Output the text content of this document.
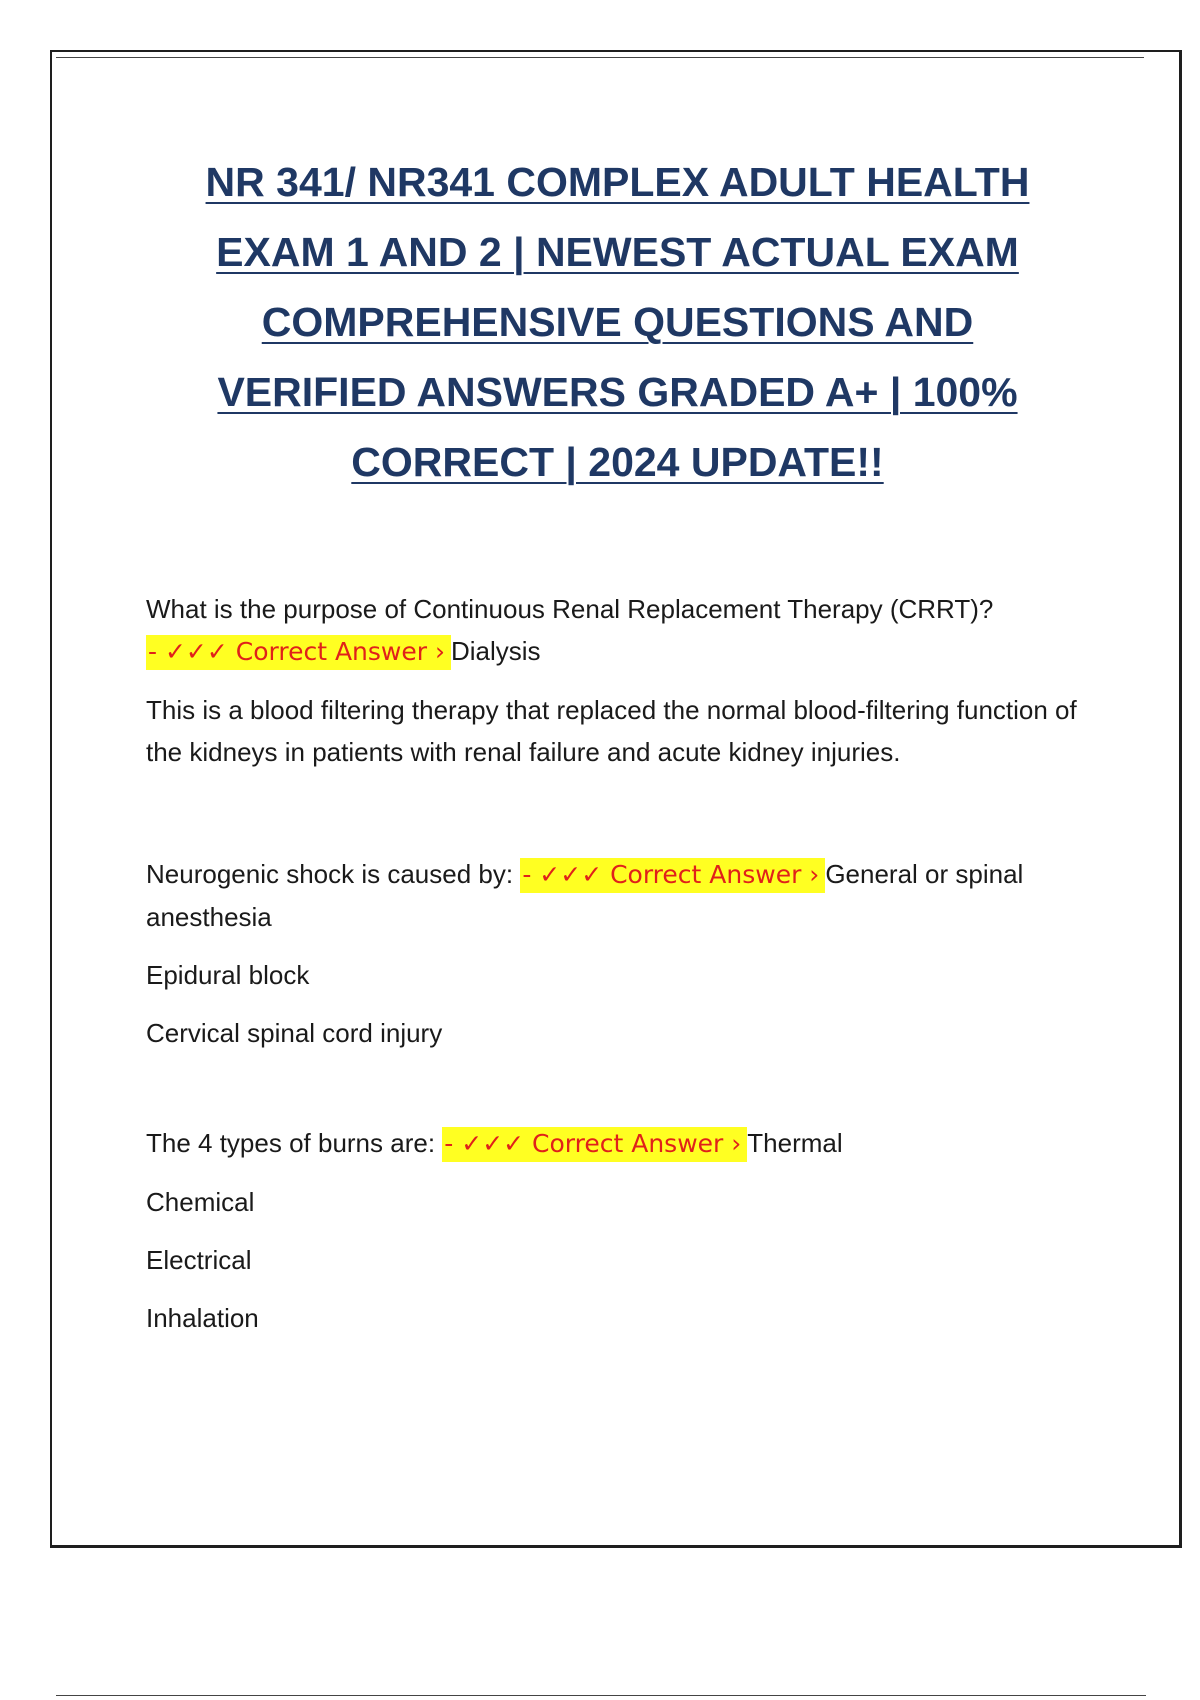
NR 341/ NR341 COMPLEX ADULT HEALTH
EXAM 1 AND 2 | NEWEST ACTUAL EXAM
COMPREHENSIVE QUESTIONS AND
VERIFIED ANSWERS GRADED A+ | 100%
CORRECT | 2024 UPDATE!!

What is the purpose of Continuous Renal Replacement Therapy (CRRT)?

- ✓✓✓ Correct Answer › Dialysis

This is a blood filtering therapy that replaced the normal blood-filtering function of the kidneys in patients with renal failure and acute kidney injuries.

Neurogenic shock is caused by: - ✓✓✓ Correct Answer › General or spinal anesthesia

Epidural block

Cervical spinal cord injury

The 4 types of burns are: - ✓✓✓ Correct Answer › Thermal

Chemical

Electrical

Inhalation
